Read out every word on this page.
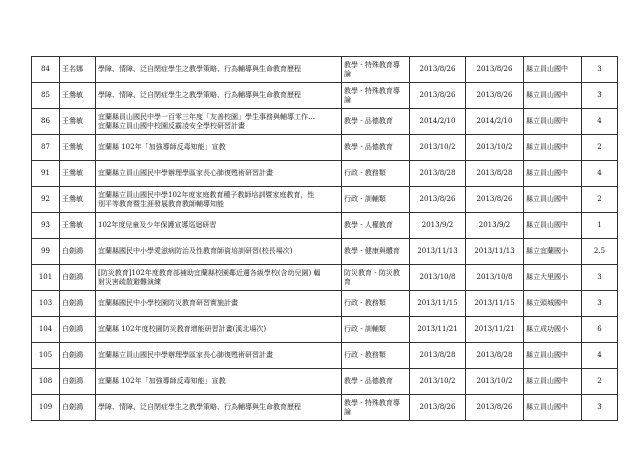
84	王名娜	學障、情障、泛自閉症學生之教學策略、行為輔導與生命教育歷程	教學 - 特殊教育導
論	2013/8/26	2013/8/26	縣立員山國中	3
85	王鶯敏	學障、情障、泛自閉症學生之教學策略、行為輔導與生命教育歷程	教學 - 特殊教育導
論	2013/8/26	2013/8/26	縣立員山國中	3
86	王鶯敏	宜蘭縣員山國民中學一百零三年度「友善校園」學生事務與輔導工作…
宜蘭縣立員山國中校園反霸凌安全學校研習計畫	教學 - 品德教育	2014/2/10	2014/2/10	縣立員山國中	4
87	王鶯敏	宜蘭縣 102年「加強導師反毒知能」宣教	教學 - 品德教育	2013/10/2	2013/10/2	縣立員山國中	2
91	王鶯敏	宜蘭縣立員山國民中學辦理學區家長心肺復甦術研習計畫	行政 - 教務類	2013/8/28	2013/8/28	縣立員山國中	4
92	王鶯敏	宜蘭縣立員山國民中學102年度家庭教育種子教師培訓暨家庭教育，性
別平等教育暨生涯發展教育教師輔導知能	行政 - 訓輔類	2013/8/26	2013/8/26	縣立員山國中	2
93	王鶯敏	102年度兒童及少年保護宣導巡迴研習	教學 - 人權教育	2013/9/2	2013/9/2	縣立員山國中	1
99	白劍鴻	宜蘭縣國民中小學愛滋病防治及性教育師資培訓研習(校長場次)	教學 - 健康與體育	2013/11/13	2013/11/13	縣立宜蘭國小	2.5
101	白劍鴻	[防災教育]102年度教育部補助宜蘭縣校園鄰近邊各級學校(含幼兒園) 輻
射災害疏散避難演練	防災教育 - 防災教
育	2013/10/8	2013/10/8	縣立大里國小	3
103	白劍鴻	宜蘭縣國民中小學校園防災教育研習實施計畫	行政 - 教務類	2013/11/15	2013/11/15	縣立頭城國中	3
104	白劍鴻	宜蘭縣 102年度校園防災教育增能研習計畫(溪北場次)	行政 - 訓輔類	2013/11/21	2013/11/21	縣立成功國小	6
105	白劍鴻	宜蘭縣立員山國民中學辦理學區家長心肺復甦術研習計畫	行政 - 教務類	2013/8/28	2013/8/28	縣立員山國中	4
108	白劍鴻	宜蘭縣 102年「加強導師反毒知能」宣教	教學 - 品德教育	2013/10/2	2013/10/2	縣立員山國中	2
109	白劍鴻	學障、情障、泛自閉症學生之教學策略、行為輔導與生命教育歷程	教學 - 特殊教育導
論	2013/8/26	2013/8/26	縣立員山國中	3
